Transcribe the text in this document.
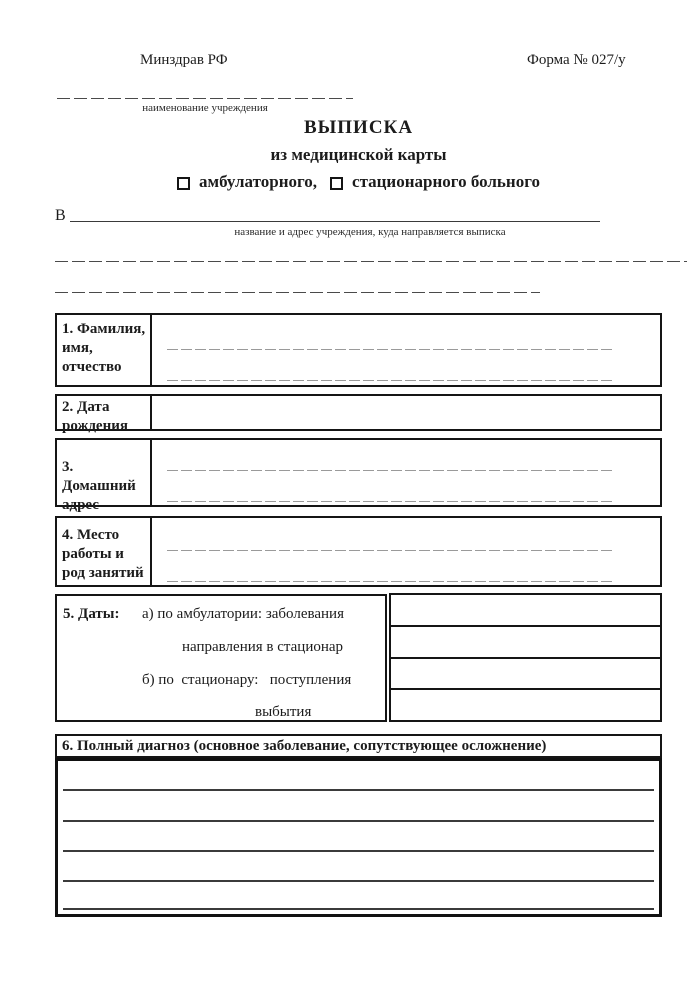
Минздрав РФ	Форма № 027/у
наименование учреждения
ВЫПИСКА
из медицинской карты
амбулаторного, стационарного больного
В
название и адрес учреждения, куда направляется выписка
1. Фамилия, имя, отчество
2. Дата рождения
3. Домашний адрес
4. Место работы и род занятий
5. Даты: а) по амбулатории: заболевания
направления в стационар
б) по  стационару:   поступления
выбытия
6. Полный диагноз (основное заболевание, сопутствующее осложнение)
